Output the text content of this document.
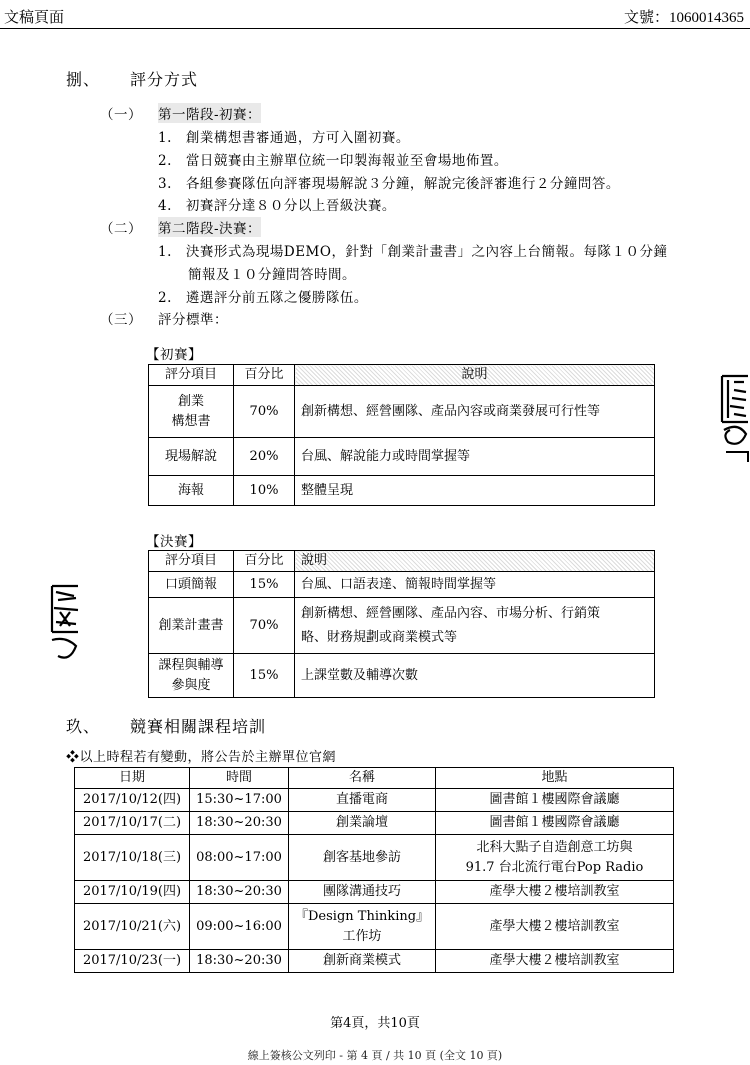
文稿頁面	文號：1060014365
捌、 評分方式
（一） 第一階段-初賽：
1.　創業構想書審通過，方可入圍初賽。
2.　當日競賽由主辦單位統一印製海報並至會場地佈置。
3.　各組參賽隊伍向評審現場解說３分鐘，解說完後評審進行２分鐘問答。
4.　初賽評分達８０分以上晉級決賽。
（二） 第二階段-決賽：
1.　決賽形式為現場DEMO，針對「創業計畫書」之內容上台簡報。每隊１０分鐘
簡報及１０分鐘問答時間。
2.　遴選評分前五隊之優勝隊伍。
（三） 評分標準：
【初賽】
評分項目	百分比	說明

創業
構想書	70%	創新構想、經營團隊、產品內容或商業發展可行性等
現場解說	20%	台風、解說能力或時間掌握等
海報	10%	整體呈現
【決賽】
評分項目	百分比	說明
口頭簡報	15%	台風、口語表達、簡報時間掌握等
創業計畫書	70%	創新構想、經營團隊、產品內容、市場分析、行銷策
略、財務規劃或商業模式等

課程與輔導
參與度	15%	上課堂數及輔導次數
玖、 競賽相關課程培訓
❖以上時程若有變動，將公告於主辦單位官網
日期	時間	名稱	地點
2017/10/12(四)	15:30~17:00	直播電商	圖書館１樓國際會議廳
2017/10/17(二)	18:30~20:30	創業論壇	圖書館１樓國際會議廳
2017/10/18(三)	08:00~17:00	創客基地參訪	北科大點子自造創意工坊與
91.7 台北流行電台Pop Radio

2017/10/19(四)	18:30~20:30	團隊溝通技巧	產學大樓２樓培訓教室
2017/10/21(六)	09:00~16:00	『Design Thinking』
工作坊	產學大樓２樓培訓教室
2017/10/23(一)	18:30~20:30	創新商業模式	產學大樓２樓培訓教室
第4頁，共10頁
線上簽核公文列印 - 第 4 頁 / 共 10 頁 (全文 10 頁)
